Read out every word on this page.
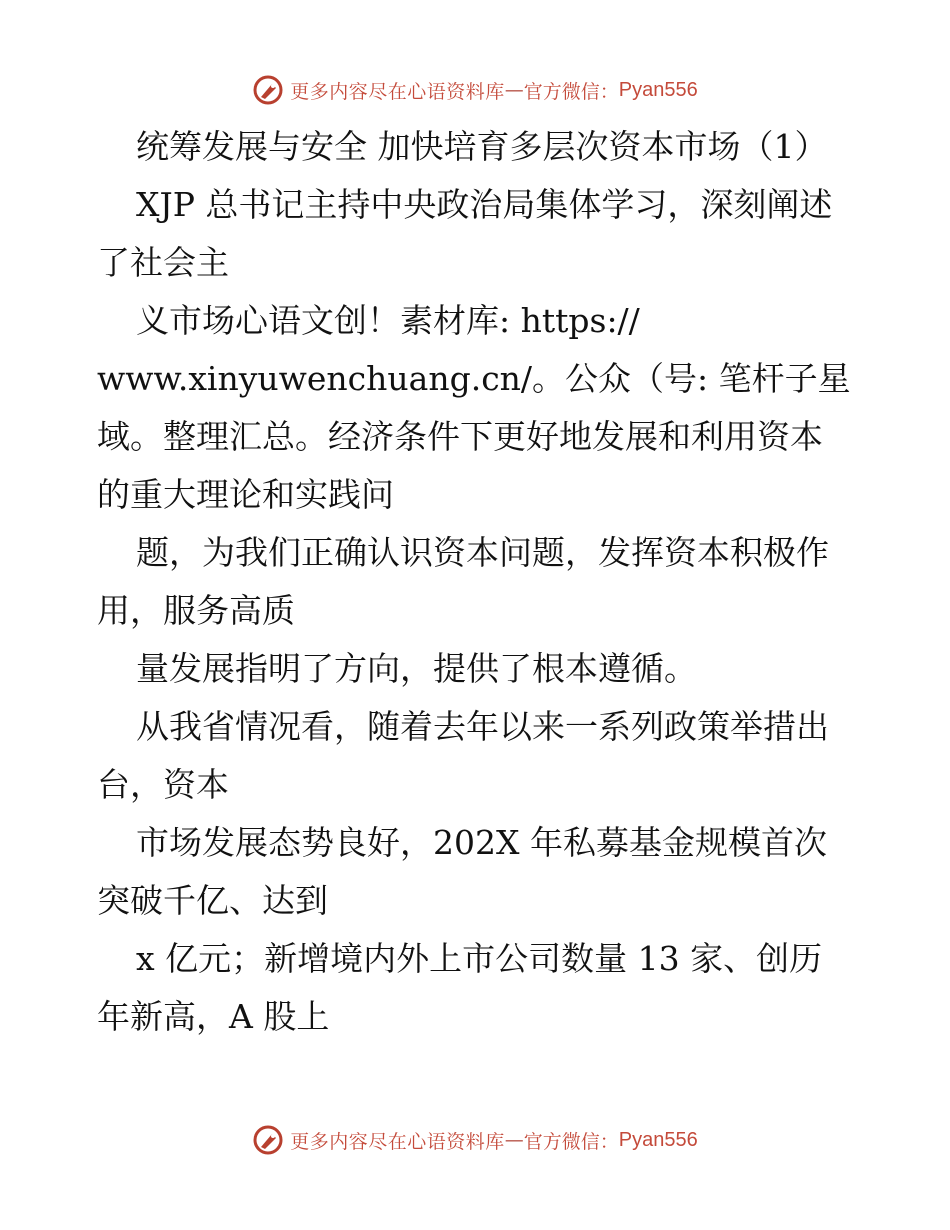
更多内容尽在心语资料库 — 官方微信： Pyan556
统筹发展与安全 加快培育多层次资本市场（1）
XJP 总书记主持中央政治局集体学习，深刻阐述
了社会主
义市场心语文创！素材库: https://
www.xinyuwenchuang.cn/。公众（号: 笔杆子星
域。整理汇总。经济条件下更好地发展和利用资本
的重大理论和实践问
题，为我们正确认识资本问题，发挥资本积极作
用，服务高质
量发展指明了方向，提供了根本遵循。
从我省情况看，随着去年以来一系列政策举措出
台，资本
市场发展态势良好，202X 年私募基金规模首次
突破千亿、达到
x 亿元；新增境内外上市公司数量 13 家、创历
年新高，A 股上
更多内容尽在心语资料库 — 官方微信： Pyan556
